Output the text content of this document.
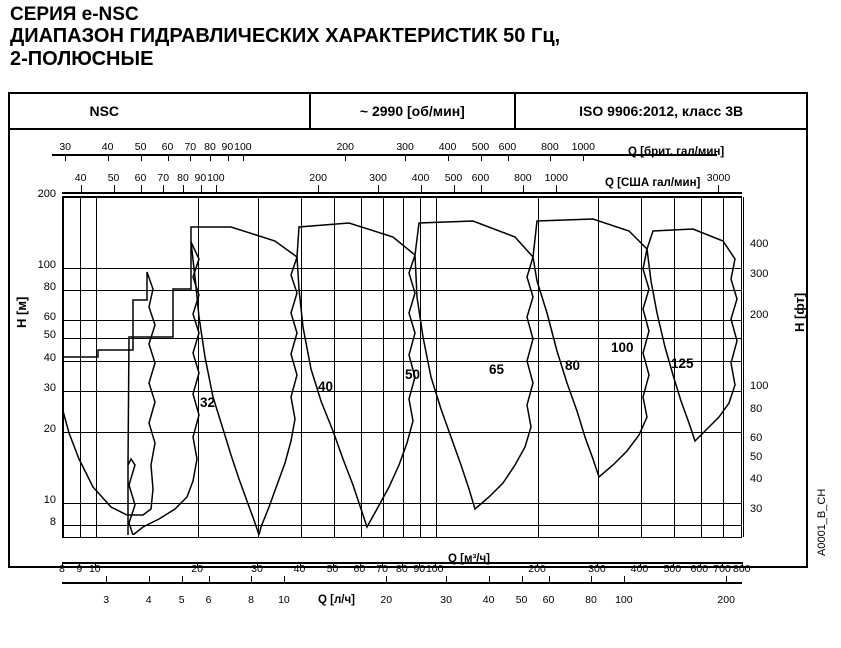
СЕРИЯ e-NSC
ДИАПАЗОН ГИДРАВЛИЧЕСКИХ ХАРАКТЕРИСТИК 50 Гц,
2-ПОЛЮСНЫЕ
NSC	~ 2990 [об/мин]	ISO 9906:2012, класс 3B
Q [брит. гал/мин]
30	40 50 60 70 80 90 100	200	300 400 500 600 800 1000
Q [США гал/мин]
40 50 60 70 80 90 100	200	300 400 500 600 800 1000	3000
H [м]	H [фт]
8
10
20
30
40
50
60
80
100
200
30
40
50
60
80
100
200
300
400
32
40
50	65	80
100
125
Q [м³/ч]
8 9 10	20	30	40 50 60 70 80 90 100	200	300 400 500 600 700 800
Q [л/ч]
3	4	5 6	8 10	20	30	40 50 60	80 100	200
A0001_B_CH
